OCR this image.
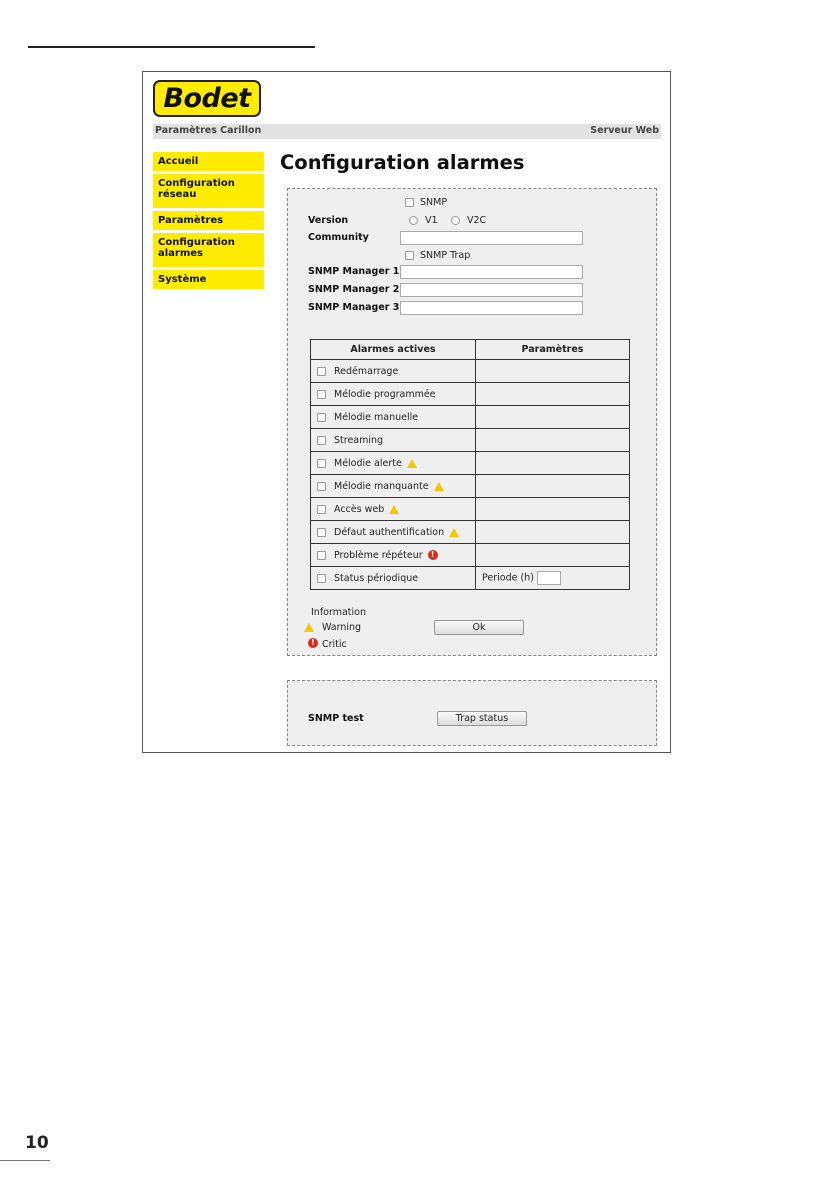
Bodet
Paramètres Carillon	Serveur Web
Accueil
Configuration réseau
Paramètres
Configuration alarmes
Système
Configuration alarmes
SNMP
Version	V1	V2C
Community
SNMP Trap
SNMP Manager 1
SNMP Manager 2
SNMP Manager 3
Alarmes actives	Paramètres
Redémarrage	
Mélodie programmée	
Mélodie manuelle	
Streaming	
Mélodie alerte	
Mélodie manquante	
Accès web	
Défaut authentification	
Problème répéteur !	
Status périodique	Periode (h)
Information
Warning
! Critic
Ok
SNMP test	Trap status
10
